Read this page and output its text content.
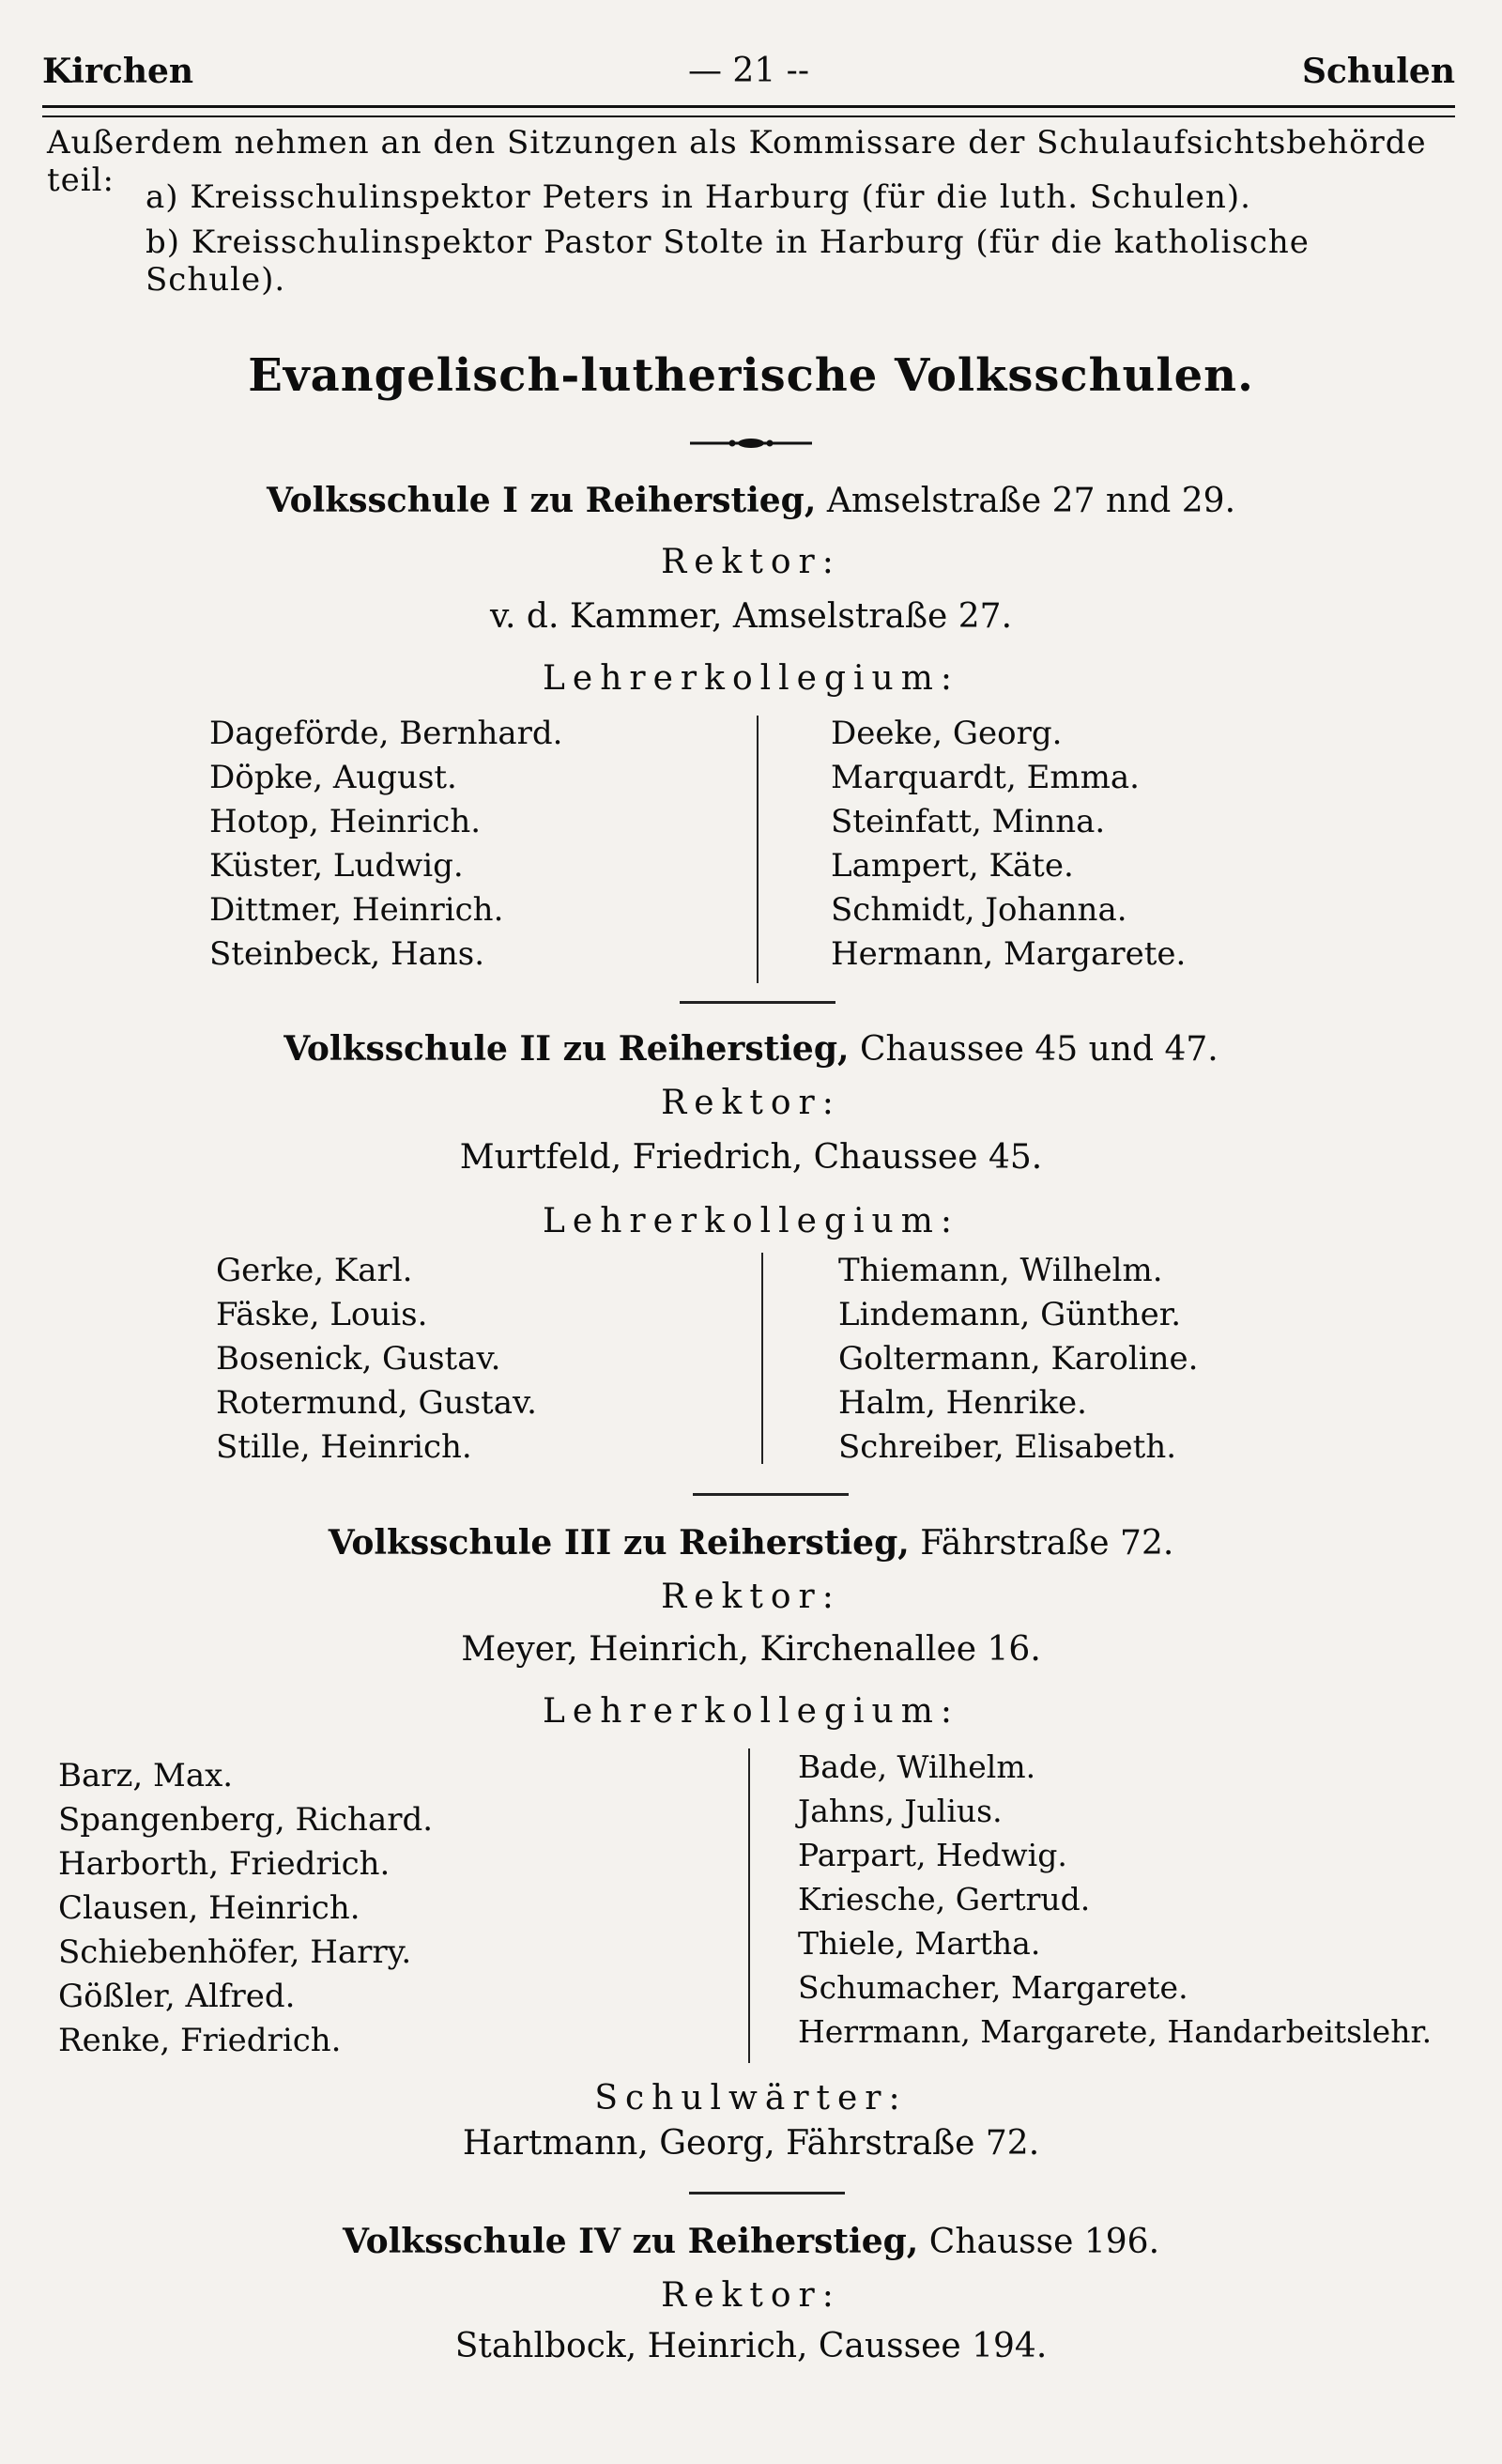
Kirchen	— 21 --	Schulen
Außerdem nehmen an den Sitzungen als Kommissare der Schulaufsichtsbehörde teil: a) Kreisschulinspektor Peters in Harburg (für die luth. Schulen).
b) Kreisschulinspektor Pastor Stolte in Harburg (für die katholische Schule).
Evangelisch-lutherische Volksschulen.
Volksschule I zu Reiherstieg, Amselstraße 27 nnd 29.
Rektor:
v. d. Kammer, Amselstraße 27.
Lehrerkollegium:
Dageförde, Bernhard.
Döpke, August.
Hotop, Heinrich.
Küster, Ludwig.
Dittmer, Heinrich.
Steinbeck, Hans.
Deeke, Georg.
Marquardt, Emma.
Steinfatt, Minna.
Lampert, Käte.
Schmidt, Johanna.
Hermann, Margarete.
Volksschule II zu Reiherstieg, Chaussee 45 und 47.
Rektor:
Murtfeld, Friedrich, Chaussee 45.
Lehrerkollegium:
Gerke, Karl.
Fäske, Louis.
Bosenick, Gustav.
Rotermund, Gustav.
Stille, Heinrich.
Thiemann, Wilhelm.
Lindemann, Günther.
Goltermann, Karoline.
Halm, Henrike.
Schreiber, Elisabeth.
Volksschule III zu Reiherstieg, Fährstraße 72.
Rektor:
Meyer, Heinrich, Kirchenallee 16.
Lehrerkollegium:
Barz, Max.
Spangenberg, Richard.
Harborth, Friedrich.
Clausen, Heinrich.
Schiebenhöfer, Harry.
Gößler, Alfred.
Renke, Friedrich.
Bade, Wilhelm.
Jahns, Julius.
Parpart, Hedwig.
Kriesche, Gertrud.
Thiele, Martha.
Schumacher, Margarete.
Herrmann, Margarete, Handarbeitslehr.
Schulwärter:
Hartmann, Georg, Fährstraße 72.
Volksschule IV zu Reiherstieg, Chausse 196.
Rektor:
Stahlbock, Heinrich, Caussee 194.
